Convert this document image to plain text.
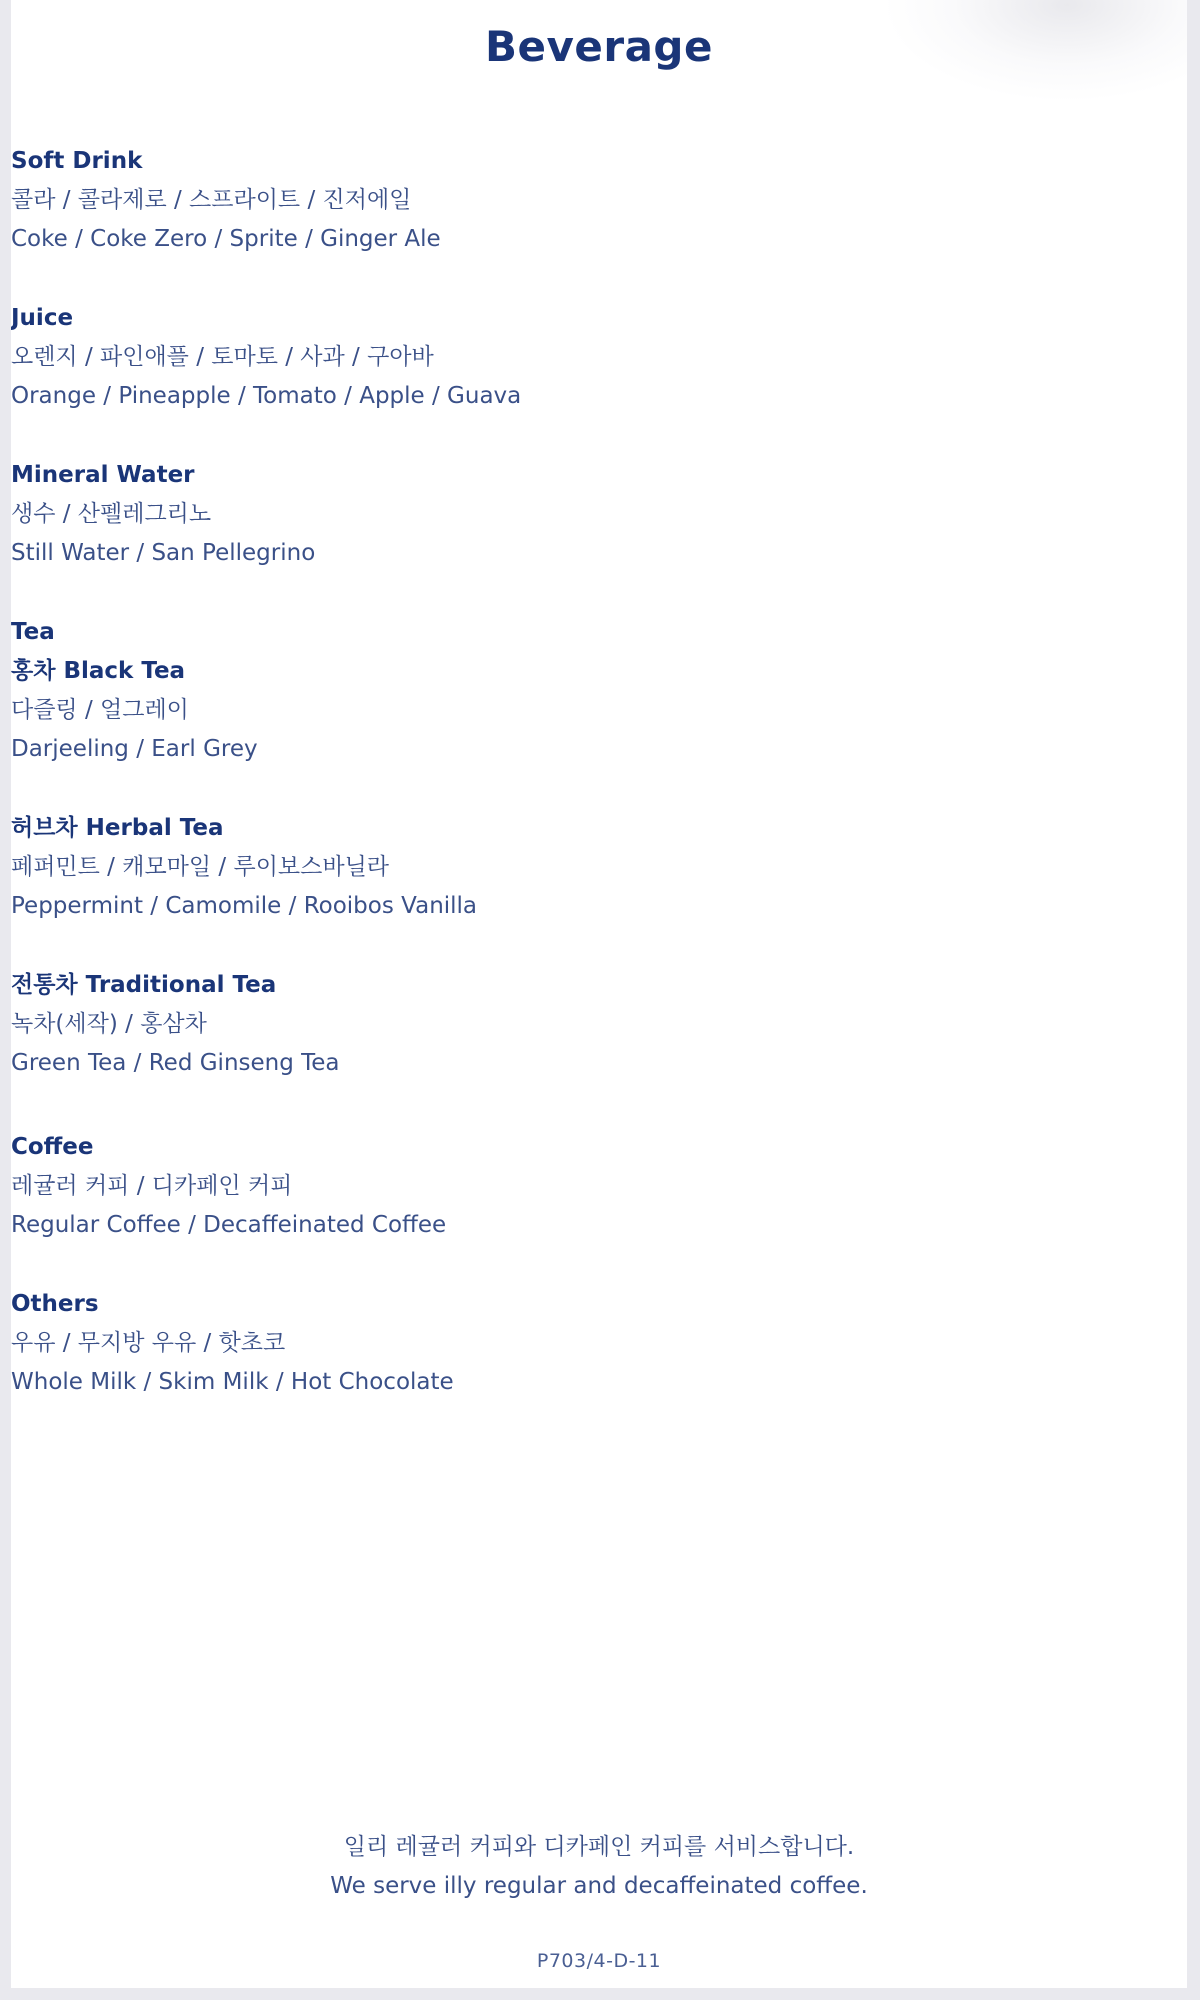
Beverage
Soft Drink
콜라 / 콜라제로 / 스프라이트 / 진저에일
Coke / Coke Zero / Sprite / Ginger Ale
Juice
오렌지 / 파인애플 / 토마토 / 사과 / 구아바
Orange / Pineapple / Tomato / Apple / Guava
Mineral Water
생수 / 산펠레그리노
Still Water / San Pellegrino
Tea
홍차 Black Tea
다즐링 / 얼그레이
Darjeeling / Earl Grey
허브차 Herbal Tea
페퍼민트 / 캐모마일 / 루이보스바닐라
Peppermint / Camomile / Rooibos Vanilla
전통차 Traditional Tea
녹차(세작) / 홍삼차
Green Tea / Red Ginseng Tea
Coffee
레귤러 커피 / 디카페인 커피
Regular Coffee / Decaffeinated Coffee
Others
우유 / 무지방 우유 / 핫초코
Whole Milk / Skim Milk / Hot Chocolate
일리 레귤러 커피와 디카페인 커피를 서비스합니다.
We serve illy regular and decaffeinated coffee.
P703/4-D-11
